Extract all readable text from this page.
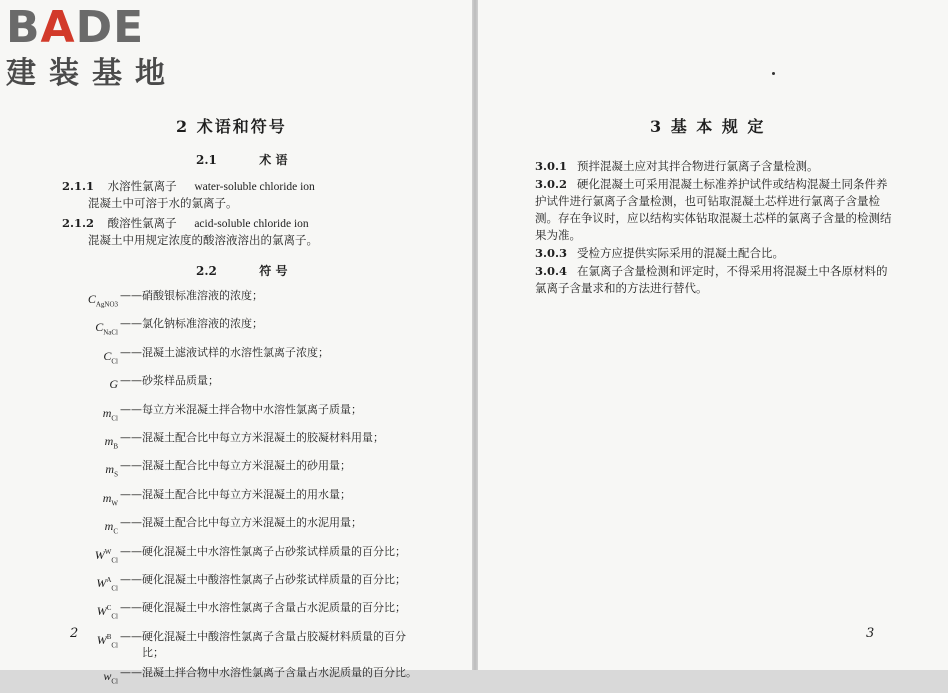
BADE
建装基地
2 术语和符号
2.1	术 语
2.1.1 水溶性氯离子 water-soluble chloride ion
混凝土中可溶于水的氯离子。
2.1.2 酸溶性氯离子 acid-soluble chloride ion
混凝土中用规定浓度的酸溶液溶出的氯离子。
2.2	符 号
$C_{AgNO3}$
—— 硝酸银标准溶液的浓度；
$C_{NaCl}$
—— 氯化钠标准溶液的浓度；
$C_{Cl}$
—— 混凝土滤液试样的水溶性氯离子浓度；
G —— 砂浆样品质量；
$m_{Cl}$
—— 每立方米混凝土拌合物中水溶性氯离子质量；
$m_B$
—— 混凝土配合比中每立方米混凝土的胶凝材料用量；
$m_S$
—— 混凝土配合比中每立方米混凝土的砂用量；
$m_W$
—— 混凝土配合比中每立方米混凝土的用水量；
$m_C$
—— 混凝土配合比中每立方米混凝土的水泥用量；
$W^W_{Cl}$
—— 硬化混凝土中水溶性氯离子占砂浆试样质量的百分比；
$W^A_{Cl}$
—— 硬化混凝土中酸溶性氯离子占砂浆试样质量的百分比；
$W^C_{Cl}$
—— 硬化混凝土中水溶性氯离子含量占水泥质量的百分比；
$W^B_{Cl}$
—— 硬化混凝土中酸溶性氯离子含量占胶凝材料质量的百分比；
$w_{Cl}$
—— 混凝土拌合物中水溶性氯离子含量占水泥质量的百分比。
2
3 基 本 规 定
3.0.1 预拌混凝土应对其拌合物进行氯离子含量检测。
3.0.2 硬化混凝土可采用混凝土标准养护试件或结构混凝土同条件养护试件进行氯离子含量检测，也可钻取混凝土芯样进行氯离子含量检测。存在争议时，应以结构实体钻取混凝土芯样的氯离子含量的检测结果为准。
3.0.3 受检方应提供实际采用的混凝土配合比。
3.0.4 在氯离子含量检测和评定时，不得采用将混凝土中各原材料的氯离子含量求和的方法进行替代。
3
